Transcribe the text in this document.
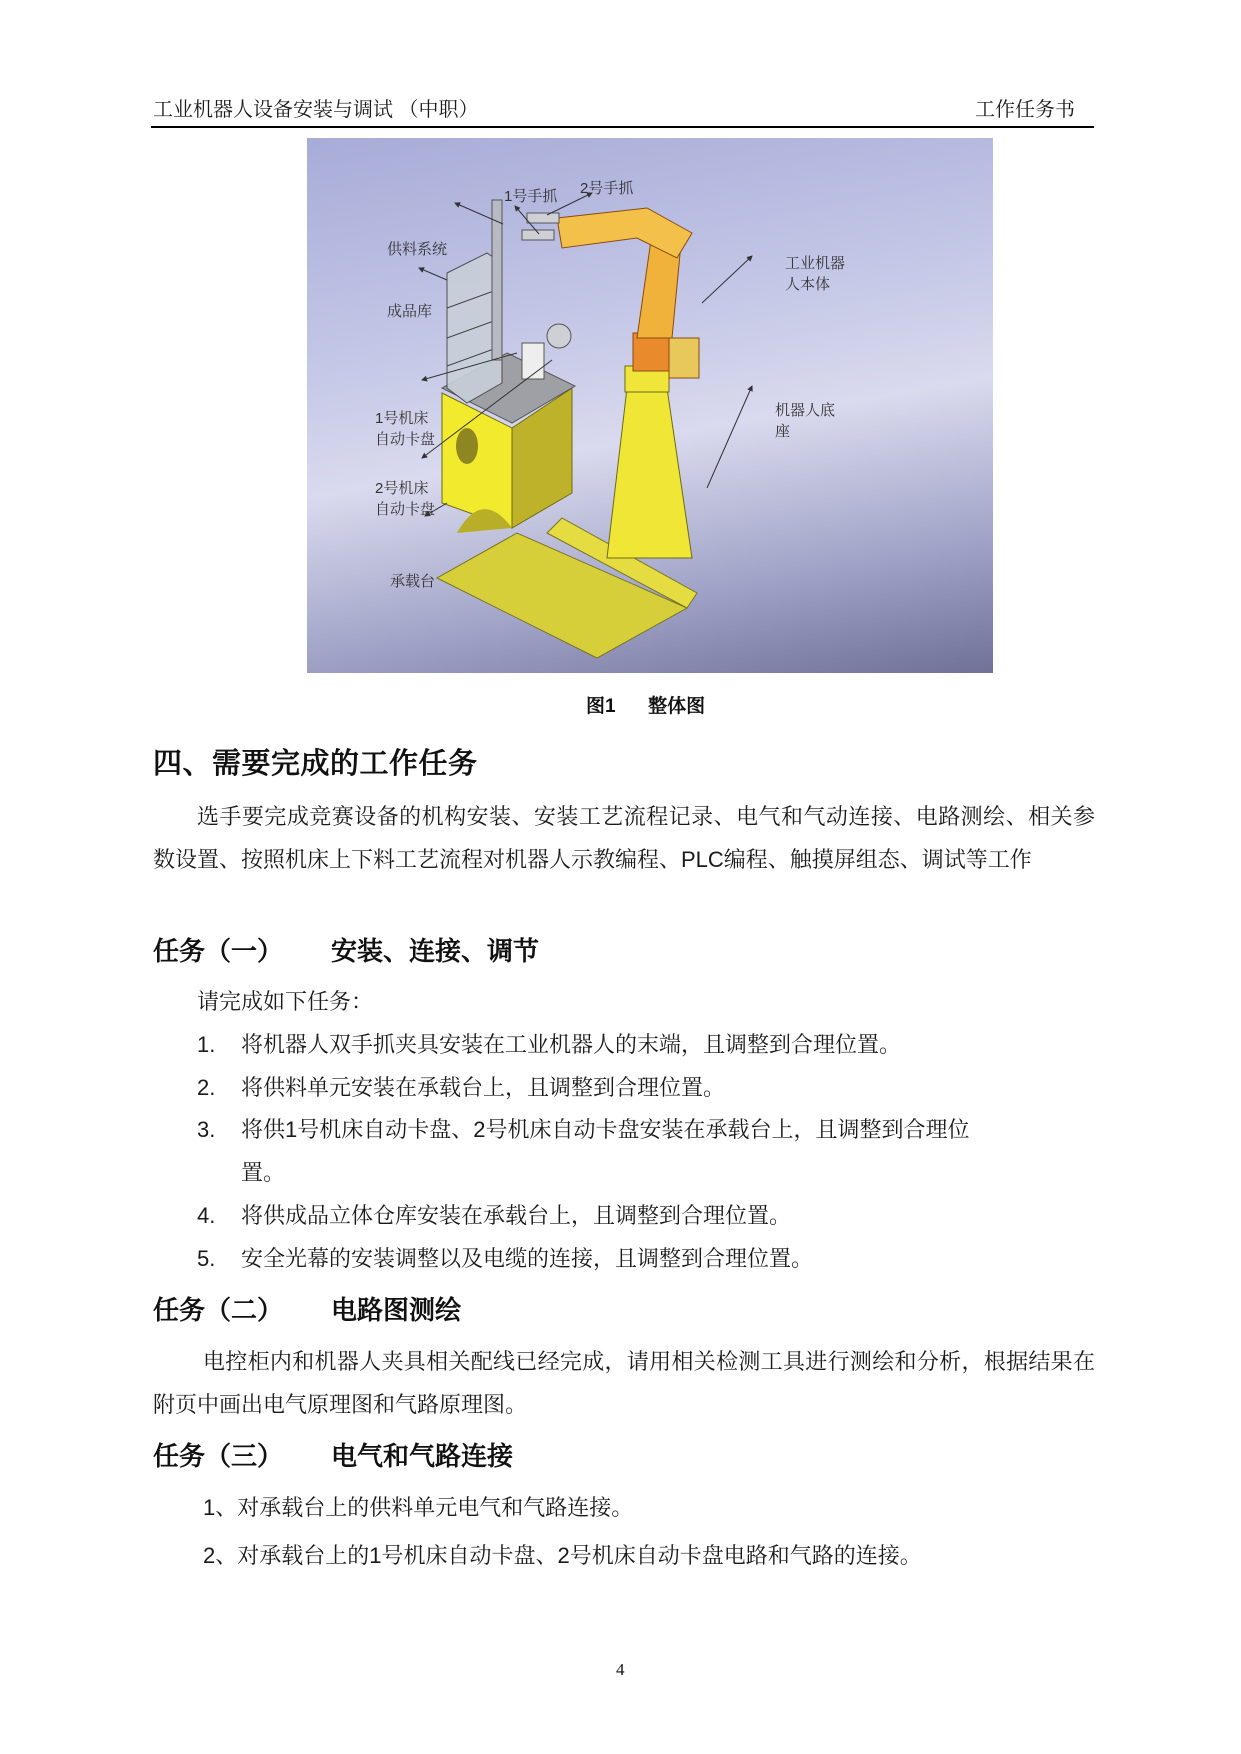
工业机器人设备安装与调试 （中职）	工作任务书
1号手抓 2号手抓
供料系统
成品库
1号机床
自动卡盘
2号机床
自动卡盘
承载台
工业机器
人本体
机器人底
座
图1 整体图
四、需要完成的工作任务
选手要完成竞赛设备的机构安装、安装工艺流程记录、电气和气动连接、电路测绘、相关参数设置、按照机床上下料工艺流程对机器人示教编程、PLC编程、触摸屏组态、调试等工作
任务（一） 安装、连接、调节
请完成如下任务：
1. 将机器人双手抓夹具安装在工业机器人的末端，且调整到合理位置。
2. 将供料单元安装在承载台上，且调整到合理位置。
3. 将供1号机床自动卡盘、2号机床自动卡盘安装在承载台上，且调整到合理位
置。
4. 将供成品立体仓库安装在承载台上，且调整到合理位置。
5. 安全光幕的安装调整以及电缆的连接，且调整到合理位置。
任务（二） 电路图测绘
电控柜内和机器人夹具相关配线已经完成，请用相关检测工具进行测绘和分析，根据结果在附页中画出电气原理图和气路原理图。
任务（三） 电气和气路连接
1、对承载台上的供料单元电气和气路连接。
2、对承载台上的1号机床自动卡盘、2号机床自动卡盘电路和气路的连接。
4
